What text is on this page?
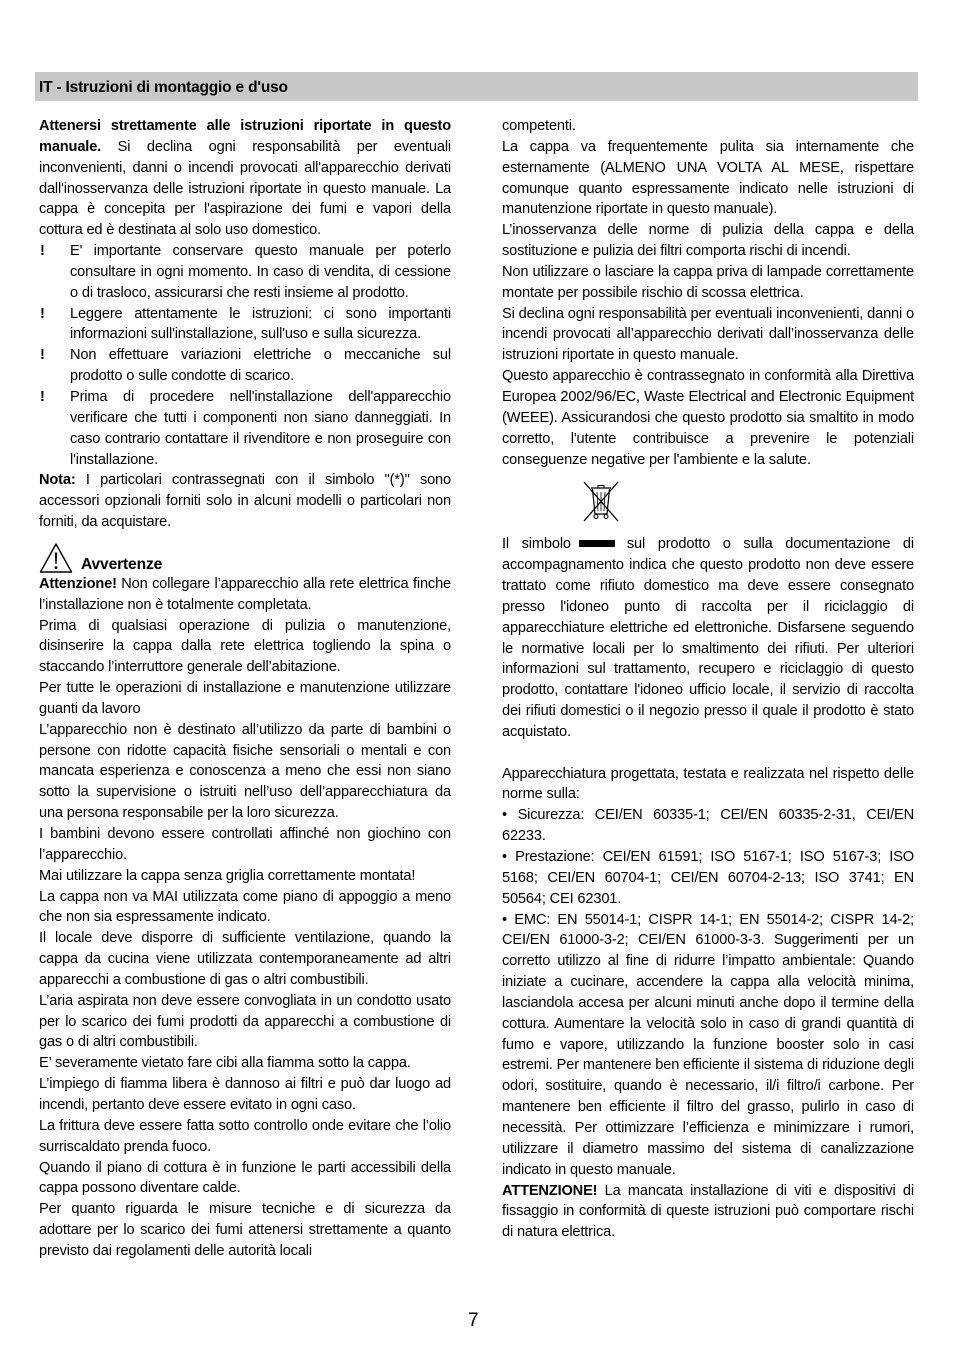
IT - Istruzioni di montaggio e d'uso

Attenersi strettamente alle istruzioni riportate in questo manuale. Si declina ogni responsabilità per eventuali inconvenienti, danni o incendi provocati all'apparecchio derivati dall'inosservanza delle istruzioni riportate in questo manuale. La cappa è concepita per l'aspirazione dei fumi e vapori della cottura ed è destinata al solo uso domestico.

!	E' importante conservare questo manuale per poterlo consultare in ogni momento. In caso di vendita, di cessione o di trasloco, assicurarsi che resti insieme al prodotto.

!	Leggere attentamente le istruzioni: ci sono importanti informazioni sull'installazione, sull'uso e sulla sicurezza.

!	Non effettuare variazioni elettriche o meccaniche sul prodotto o sulle condotte di scarico.

!	Prima di procedere nell'installazione dell'apparecchio verificare che tutti i componenti non siano danneggiati. In caso contrario contattare il rivenditore e non proseguire con l'installazione.

Nota: I particolari contrassegnati con il simbolo "(*)" sono accessori opzionali forniti solo in alcuni modelli o particolari non forniti, da acquistare.

Avvertenze

Attenzione! Non collegare l’apparecchio alla rete elettrica finche l’installazione non è totalmente completata.

Prima di qualsiasi operazione di pulizia o manutenzione, disinserire la cappa dalla rete elettrica togliendo la spina o staccando l’interruttore generale dell’abitazione.

Per tutte le operazioni di installazione e manutenzione utilizzare guanti da lavoro

L’apparecchio non è destinato all’utilizzo da parte di bambini o persone con ridotte capacità fisiche sensoriali o mentali e con mancata esperienza e conoscenza a meno che essi non siano sotto la supervisione o istruiti nell’uso dell’apparecchiatura da una persona responsabile per la loro sicurezza.

I bambini devono essere controllati affinché non giochino con l’apparecchio.

Mai utilizzare la cappa senza griglia correttamente montata!

La cappa non va MAI utilizzata come piano di appoggio a meno che non sia espressamente indicato.

Il locale deve disporre di sufficiente ventilazione, quando la cappa da cucina viene utilizzata contemporaneamente ad altri apparecchi a combustione di gas o altri combustibili.

L’aria aspirata non deve essere convogliata in un condotto usato per lo scarico dei fumi prodotti da apparecchi a combustione di gas o di altri combustibili.

E’ severamente vietato fare cibi alla fiamma sotto la cappa.

L’impiego di fiamma libera è dannoso ai filtri e può dar luogo ad incendi, pertanto deve essere evitato in ogni caso.

La frittura deve essere fatta sotto controllo onde evitare che l’olio surriscaldato prenda fuoco.

Quando il piano di cottura è in funzione le parti accessibili della cappa possono diventare calde.

Per quanto riguarda le misure tecniche e di sicurezza da adottare per lo scarico dei fumi attenersi strettamente a quanto previsto dai regolamenti delle autorità locali

competenti.

La cappa va frequentemente pulita sia internamente che esternamente (ALMENO UNA VOLTA AL MESE, rispettare comunque quanto espressamente indicato nelle istruzioni di manutenzione riportate in questo manuale).

L’inosservanza delle norme di pulizia della cappa e della sostituzione e pulizia dei filtri comporta rischi di incendi.

Non utilizzare o lasciare la cappa priva di lampade correttamente montate per possibile rischio di scossa elettrica.

Si declina ogni responsabilità per eventuali inconvenienti, danni o incendi provocati all’apparecchio derivati dall’inosservanza delle istruzioni riportate in questo manuale.

Questo apparecchio è contrassegnato in conformità alla Direttiva Europea 2002/96/EC, Waste Electrical and Electronic Equipment (WEEE). Assicurandosi che questo prodotto sia smaltito in modo corretto, l'utente contribuisce a prevenire le potenziali conseguenze negative per l'ambiente e la salute.

Il simbolo	sul prodotto o sulla documentazione di accompagnamento indica che questo prodotto non deve essere trattato come rifiuto domestico ma deve essere consegnato presso l'idoneo punto di raccolta per il riciclaggio di apparecchiature elettriche ed elettroniche. Disfarsene seguendo le normative locali per lo smaltimento dei rifiuti. Per ulteriori informazioni sul trattamento, recupero e riciclaggio di questo prodotto, contattare l'idoneo ufficio locale, il servizio di raccolta dei rifiuti domestici o il negozio presso il quale il prodotto è stato acquistato.

Apparecchiatura progettata, testata e realizzata nel rispetto delle norme sulla:

• Sicurezza: CEI/EN 60335-1; CEI/EN 60335-2-31, CEI/EN 62233.

• Prestazione: CEI/EN 61591; ISO 5167-1; ISO 5167-3; ISO 5168; CEI/EN 60704-1; CEI/EN 60704-2-13; ISO 3741; EN 50564; CEI 62301.

• EMC: EN 55014-1; CISPR 14-1; EN 55014-2; CISPR 14-2; CEI/EN 61000-3-2; CEI/EN 61000-3-3. Suggerimenti per un corretto utilizzo al fine di ridurre l’impatto ambientale: Quando iniziate a cucinare, accendere la cappa alla velocità minima, lasciandola accesa per alcuni minuti anche dopo il termine della cottura. Aumentare la velocità solo in caso di grandi quantità di fumo e vapore, utilizzando la funzione booster solo in casi estremi. Per mantenere ben efficiente il sistema di riduzione degli odori, sostituire, quando è necessario, il/i filtro/i carbone. Per mantenere ben efficiente il filtro del grasso, pulirlo in caso di necessità. Per ottimizzare l’efficienza e minimizzare i rumori, utilizzare il diametro massimo del sistema di canalizzazione indicato in questo manuale.

ATTENZIONE! La mancata installazione di viti e dispositivi di fissaggio in conformità di queste istruzioni può comportare rischi di natura elettrica.

7
